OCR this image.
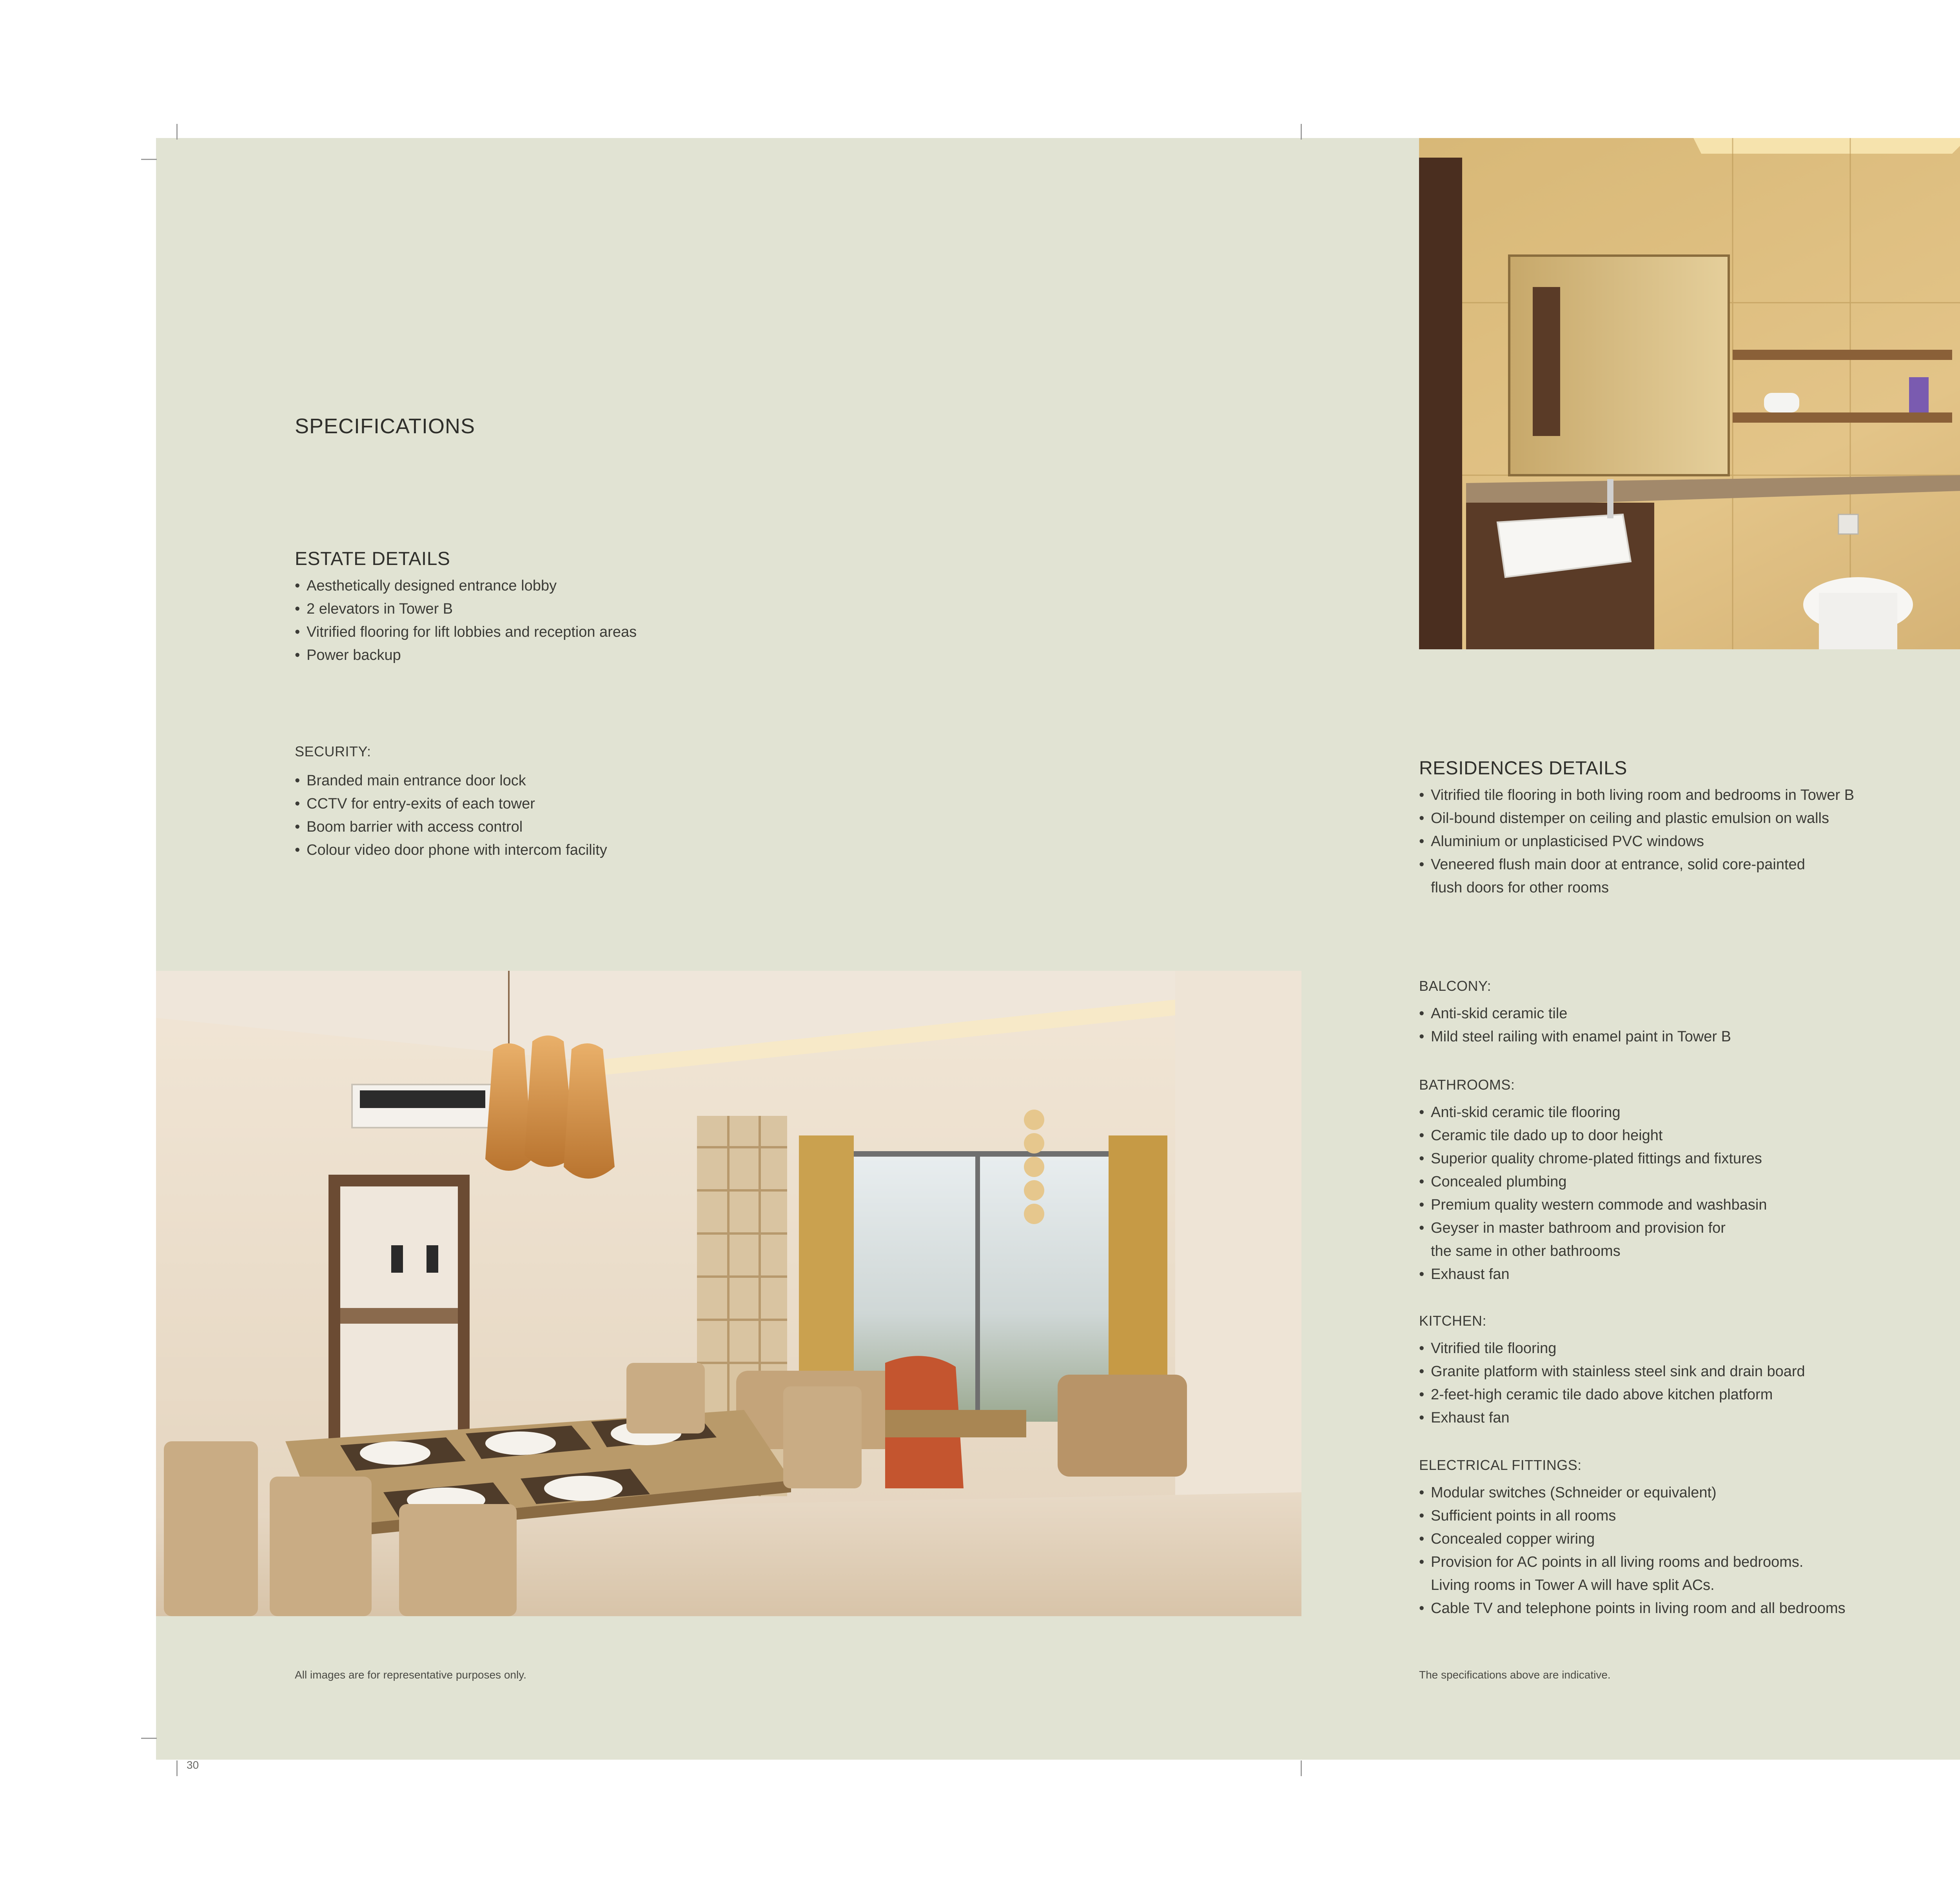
SPECIFICATIONS
ESTATE DETAILS
• Aesthetically designed entrance lobby
• 2 elevators in Tower B
• Vitrified flooring for lift lobbies and reception areas
• Power backup
SECURITY:
• Branded main entrance door lock
• CCTV for entry-exits of each tower
• Boom barrier with access control
• Colour video door phone with intercom facility
All images are for representative purposes only.
30
RESIDENCES DETAILS
• Vitrified tile flooring in both living room and bedrooms in Tower B
• Oil-bound distemper on ceiling and plastic emulsion on walls
• Aluminium or unplasticised PVC windows
• Veneered flush main door at entrance, solid core-painted
flush doors for other rooms
BALCONY:
• Anti-skid ceramic tile
• Mild steel railing with enamel paint in Tower B
BATHROOMS:
• Anti-skid ceramic tile flooring
• Ceramic tile dado up to door height
• Superior quality chrome-plated fittings and fixtures
• Concealed plumbing
• Premium quality western commode and washbasin
• Geyser in master bathroom and provision for
the same in other bathrooms
• Exhaust fan
KITCHEN:
• Vitrified tile flooring
• Granite platform with stainless steel sink and drain board
• 2-feet-high ceramic tile dado above kitchen platform
• Exhaust fan
ELECTRICAL FITTINGS:
• Modular switches (Schneider or equivalent)
• Sufficient points in all rooms
• Concealed copper wiring
• Provision for AC points in all living rooms and bedrooms.
Living rooms in Tower A will have split ACs.
• Cable TV and telephone points in living room and all bedrooms
The specifications above are indicative.
